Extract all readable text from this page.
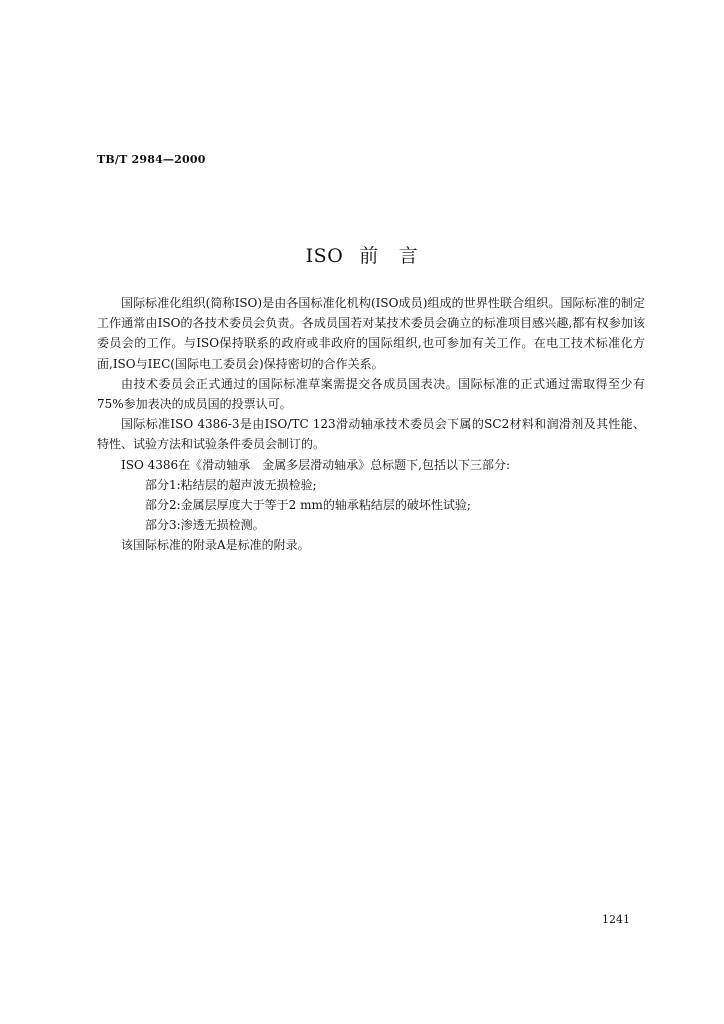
TB/T 2984—2000
ISO 前 言

国际标准化组织(简称ISO)是由各国标准化机构(ISO成员)组成的世界性联合组织。国际标准的制定工作通常由ISO的各技术委员会负责。各成员国若对某技术委员会确立的标准项目感兴趣,都有权参加该委员会的工作。与ISO保持联系的政府或非政府的国际组织,也可参加有关工作。在电工技术标准化方面,ISO与IEC(国际电工委员会)保持密切的合作关系。

由技术委员会正式通过的国际标准草案需提交各成员国表决。国际标准的正式通过需取得至少有75%参加表决的成员国的投票认可。

国际标准ISO 4386-3是由ISO/TC 123滑动轴承技术委员会下属的SC2材料和润滑剂及其性能、特性、试验方法和试验条件委员会制订的。

ISO 4386在《滑动轴承　金属多层滑动轴承》总标题下,包括以下三部分:

部分1:粘结层的超声波无损检验;

部分2:金属层厚度大于等于2 mm的轴承粘结层的破坏性试验;

部分3:渗透无损检测。

该国际标准的附录A是标准的附录。

1241
